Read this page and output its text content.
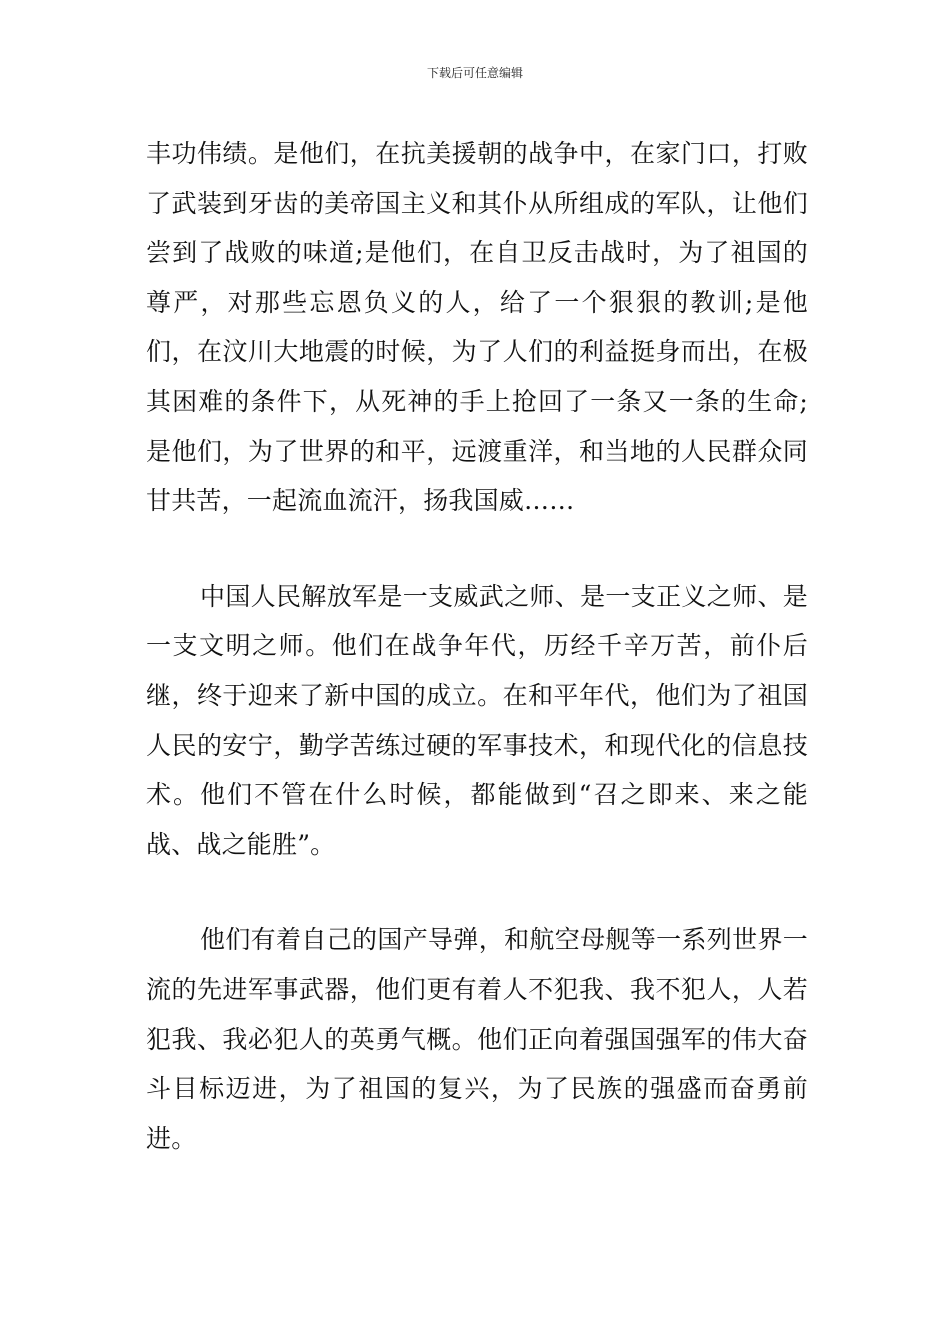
下载后可任意编辑

丰功伟绩。是他们，在抗美援朝的战争中，在家门口，打败了武装到牙齿的美帝国主义和其仆从所组成的军队，让他们尝到了战败的味道;是他们，在自卫反击战时，为了祖国的尊严，对那些忘恩负义的人，给了一个狠狠的教训;是他们，在汶川大地震的时候，为了人们的利益挺身而出，在极其困难的条件下，从死神的手上抢回了一条又一条的生命;是他们，为了世界的和平，远渡重洋，和当地的人民群众同甘共苦，一起流血流汗，扬我国威……

中国人民解放军是一支威武之师、是一支正义之师、是一支文明之师。他们在战争年代，历经千辛万苦，前仆后继，终于迎来了新中国的成立。在和平年代，他们为了祖国人民的安宁，勤学苦练过硬的军事技术，和现代化的信息技术。他们不管在什么时候，都能做到“召之即来、来之能战、战之能胜”。

他们有着自己的国产导弹，和航空母舰等一系列世界一流的先进军事武器，他们更有着人不犯我、我不犯人，人若犯我、我必犯人的英勇气概。他们正向着强国强军的伟大奋斗目标迈进，为了祖国的复兴，为了民族的强盛而奋勇前进。
